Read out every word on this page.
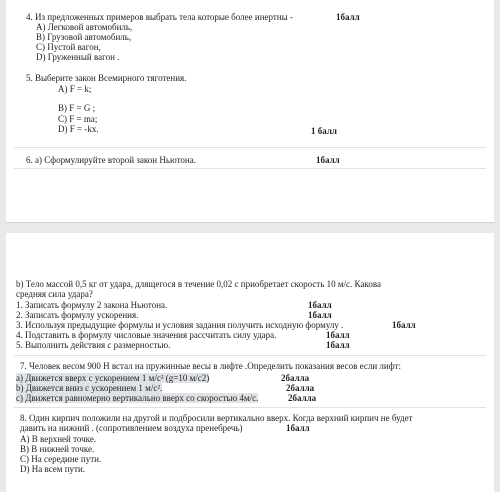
4. Из предложенных примеров выбрать тела которые более инертны -	1балл
A) Легковой автомобиль,
B) Грузовой автомобиль,
C) Пустой вагон,
D) Груженный вагон .
5. Выберите закон Всемирного тяготения.
A) F = k;
B) F = G ;
C) F = ma;
D) F = -kx.	1 балл
6. а) Сформулируйте второй закон Ньютона.	1балл
b) Тело массой 0,5 кг от удара, длящегося в течение 0,02 с приобретает скорость 10 м/с. Какова
средняя сила удара?
1. Записать формулу 2 закона Ньютона.	1балл
2. Записать формулу ускорения.	1балл
3. Используя предыдущие формулы и условия задания получить исходную формулу .	1балл
4. Подставить в формулу числовые значения рассчитать силу удара.	1балл
5. Выполнить действия с размерностью.	1балл
7. Человек весом 900 Н встал на пружинные весы в лифте .Определить показания весов если лифт:
a) Движется вверх с ускорением 1 м/с² (g=10 м/с2)	2балла
b) Движется вниз с ускорением 1 м/с².	2балла
c) Движется равномерно вертикально вверх со скоростью 4м/с.	2балла
8. Один кирпич положили на другой и подбросили вертикально вверх. Когда верхний кирпич не будет
давить на нижний . (сопротивлением воздуха пренебречь)	1балл
A) В верхней точке.
B) В нижней точке.
C) На середине пути.
D) На всем пути.
